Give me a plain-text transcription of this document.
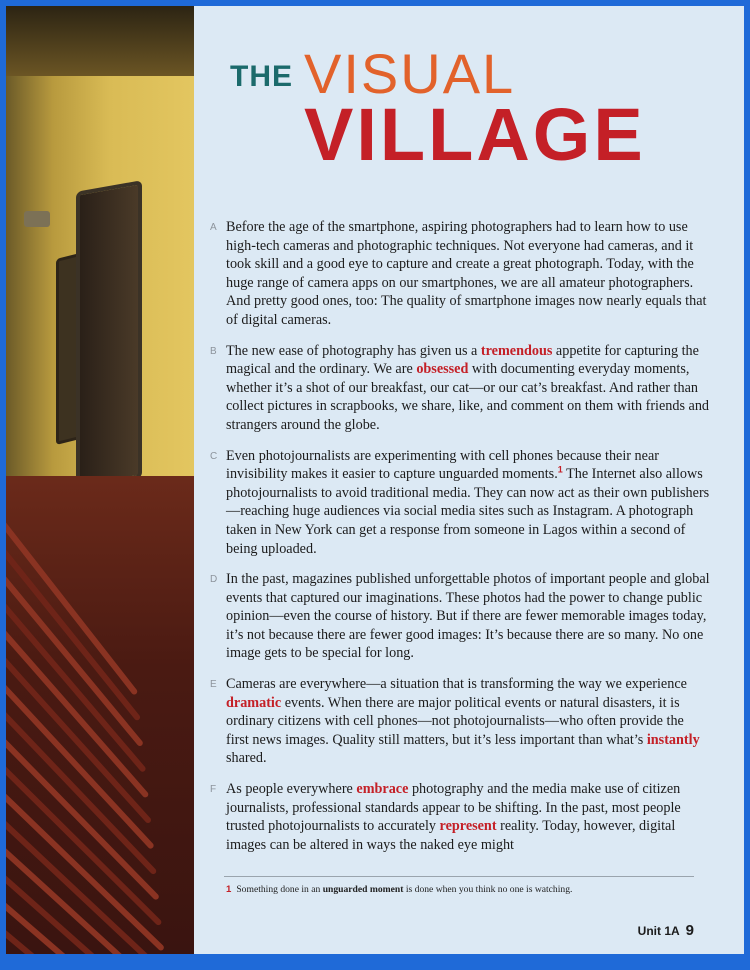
THE VISUAL
VILLAGE

A Before the age of the smartphone, aspiring photographers had to learn how to use high-tech cameras and photographic techniques. Not everyone had cameras, and it took skill and a good eye to capture and create a great photograph. Today, with the huge range of camera apps on our smartphones, we are all amateur photographers. And pretty good ones, too: The quality of smartphone images now nearly equals that of digital cameras.

B The new ease of photography has given us a tremendous appetite for capturing the magical and the ordinary. We are obsessed with documenting everyday moments, whether it’s a shot of our breakfast, our cat—or our cat’s breakfast. And rather than collect pictures in scrapbooks, we share, like, and comment on them with friends and strangers around the globe.

C Even photojournalists are experimenting with cell phones because their near invisibility makes it easier to capture unguarded moments.$^1$ The Internet also allows photojournalists to avoid traditional media. They can now act as their own publishers—reaching huge audiences via social media sites such as Instagram. A photograph taken in New York can get a response from someone in Lagos within a second of being uploaded.

D In the past, magazines published unforgettable photos of important people and global events that captured our imaginations. These photos had the power to change public opinion—even the course of history. But if there are fewer memorable images today, it’s not because there are fewer good images: It’s because there are so many. No one image gets to be special for long.

E Cameras are everywhere—a situation that is transforming the way we experience dramatic events. When there are major political events or natural disasters, it is ordinary citizens with cell phones—not photojournalists—who often provide the first news images. Quality still matters, but it’s less important than what’s instantly shared.

F As people everywhere embrace photography and the media make use of citizen journalists, professional standards appear to be shifting. In the past, most people trusted photojournalists to accurately represent reality. Today, however, digital images can be altered in ways the naked eye might

1 Something done in an unguarded moment is done when you think no one is watching.
Unit 1A 9
